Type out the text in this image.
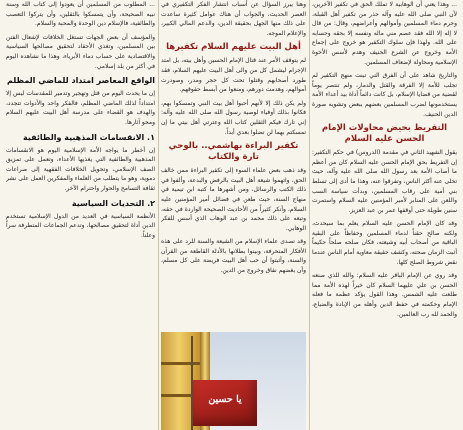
... وهذا يعني أن الوهابية لا تملك الحق في تكفير الآخرين، لأن النبي صلى الله عليه وآله حذر من تكفير أهل القبلة، وحرم دماء المسلمين وأموالهم وأعراضهم، وقال: من قال لا إله إلا الله فقد عصم مني ماله ونفسه إلا بحقه وحسابه على الله. ولهذا فإن سلوك التكفير هو خروج على إجماع الأمة وخروج عن الشرع الحنيف وهدم لأسس الأخوة الإسلامية ومحاولة لإضعاف المسلمين.

والتاريخ شاهد على أن الفرق التي تبنت منهج التكفير لم تجلب للأمة إلا الفرقة والقتل والدمار، ولم تنتصر يوماً لقضية من قضايا الإسلام، بل كانت دائماً أداة بيد أعداء الأمة يستخدمونها لضرب المسلمين بعضهم ببعض وتشويه صورة الدين الحنيف.

التفريط بحيض محاولات الإمام الحسن عليه السلام

يقول الشهيد الثاني في مقدمة (الدروس) في حكم التكفير: إن التفريط بحق الإمام الحسن عليه السلام كان من أعظم ما أصاب الأمة بعد رسول الله صلى الله عليه وآله، حيث تخلى عنه أكثر الناس، وتفرقوا عنه، وهذا ما أدى إلى تسلط بني أمية على رقاب المسلمين، وبدأت سياسة السب واللعن على المنابر لأمير المؤمنين عليه السلام واستمرت سنين طويلة حتى أوقفها عمر بن عبد العزيز.

وقد كان الإمام الحسن عليه السلام يعلم بما سيحدث، ولكنه صالح حقناً لدماء المسلمين وحفاظاً على البقية الباقية من أصحاب أبيه وشيعته، فكان صلحه صلحاً حكيماً أثبت الزمان صحته، وكشف حقيقة معاوية أمام الناس عندما نقض شروط الصلح كلها.

وقد روي عن الإمام الباقر عليه السلام: والله للذي صنعه الحسن بن علي عليهما السلام كان خيراً لهذه الأمة مما طلعت عليه الشمس. وهذا القول يؤكد عظمة ما فعله الإمام وحكمته في حفظ الدين وأهله من الإبادة والضياع، والحمد لله رب العالمين.

وهنا يبرز السؤال عن أسباب انتشار الفكر التكفيري في العصر الحديث، والجواب أن هناك عوامل كثيرة ساعدت على ذلك منها الجهل بحقيقة الدين، والدعم المالي الكبير، والإعلام الموجه.

أهل البيت عليهم السلام تكفيرها

لم يتوقف الأمر عند قتال الإمام الحسين وأهل بيته، بل امتد الإجرام ليشمل كل من والى أهل البيت عليهم السلام، فقد طورد أصحابهم وقتلوا تحت كل حجر ومدر، وصودرت أموالهم، وهدمت دورهم، ومنعوا من أبسط حقوقهم.

ولم يكن ذلك إلا لأنهم أحبوا أهل بيت النبي وتمسكوا بهم، فكانوا بذلك أوفياء لوصية رسول الله صلى الله عليه وآله: إني تارك فيكم الثقلين كتاب الله وعترتي أهل بيتي ما إن تمسكتم بهما لن تضلوا بعدي أبداً.

تكفير البراءة بهاشمي.. بالوحي تارة والكتاب

وقد ذهب بعض علماء السوء إلى تكفير البراءة ممن خالف الحق، واتهموا شيعة أهل البيت بالرفض والبدعة، وألفوا في ذلك الكتب والرسائل، ومن أشهرها ما كتبه ابن تيمية في منهاج السنة، حيث طعن في فضائل أمير المؤمنين عليه السلام، وأنكر كثيراً من الأحاديث الصحيحة الواردة في حقه، وتبعه على ذلك محمد بن عبد الوهاب الذي أسس للفكر الوهابي.

وقد تصدى علماء الإسلام من الشيعة والسنة للرد على هذه الأفكار المنحرفة، وبينوا بطلانها بالأدلة القاطعة من القرآن والسنة، وأثبتوا أن حب أهل البيت فريضة على كل مسلم، وأن بغضهم نفاق وخروج من الدين.

يا حسين

... المطلوب من المسلمين أن يعودوا إلى كتاب الله وسنة نبيه الصحيحة، وأن يتمسكوا بالثقلين، وأن يتركوا التعصب والطائفية، فالإسلام دين الوحدة والمحبة والسلام.

والمؤسف أن بعض الجهات تستغل الخلافات لإشعال الفتن بين المسلمين، وتغذي الأحقاد لتحقيق مصالحها السياسية والاقتصادية على حساب دماء الأبرياء، وهذا ما نشاهده اليوم في أكثر من بلد إسلامي.

الواقع المعاصر امتداد للماضي المظلم

إن ما يحدث اليوم من قتل وتهجير وتدمير للمقدسات ليس إلا امتداداً لذلك الماضي المظلم، فالفكر واحد والأدوات تتجدد، والهدف هو القضاء على مدرسة أهل البيت عليهم السلام ومحو آثارها.

١. الانقسامات المذهبية والطائفية

إن أخطر ما يواجه الأمة الإسلامية اليوم هو الانقسامات المذهبية والطائفية التي يغذيها الأعداء، وتعمل على تمزيق الصف الإسلامي، وتحويل الخلافات الفقهية إلى صراعات دموية، وهو ما يتطلب من العلماء والمفكرين العمل على نشر ثقافة التسامح والحوار واحترام الآخر.

٢. التحديات السياسية

الأنظمة السياسية في العديد من الدول الإسلامية تستخدم الدين أداة لتحقيق مصالحها، وتدعم الجماعات المتطرفة سراً وعلناً.
